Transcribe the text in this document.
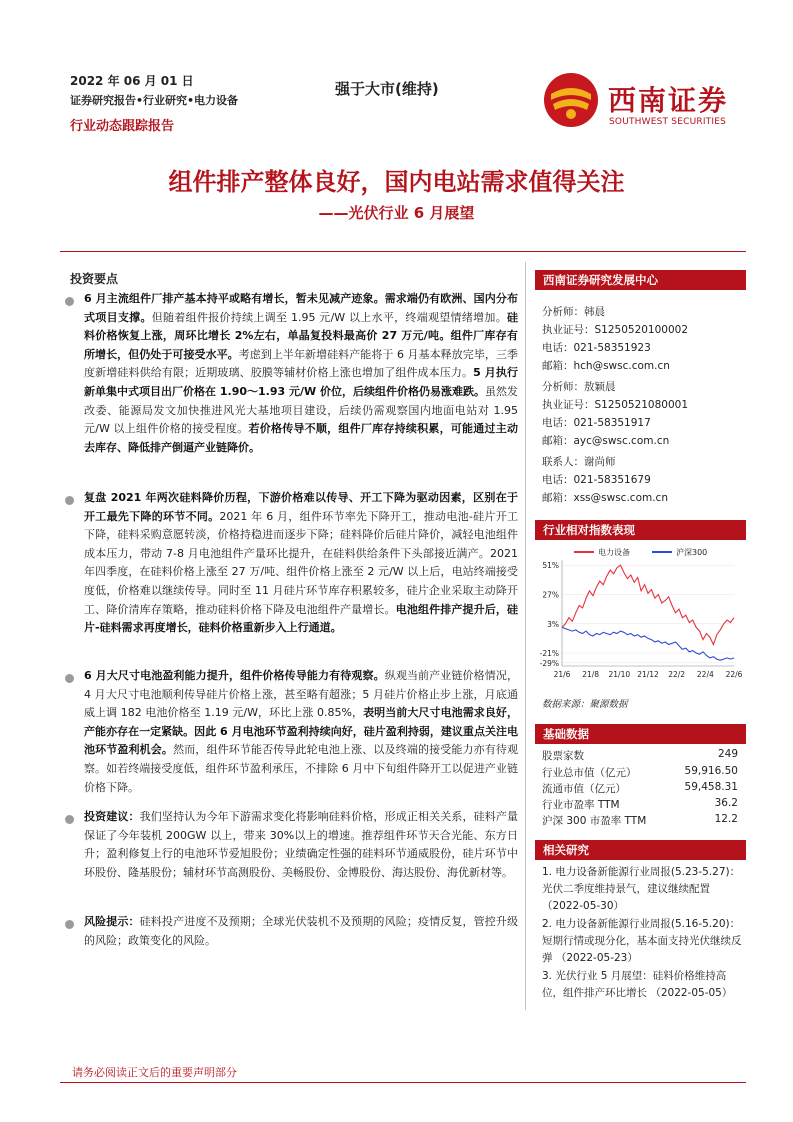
2022 年 06 月 01 日
证券研究报告•行业研究•电力设备
行业动态跟踪报告
强于大市(维持)	西南证券
SOUTHWEST SECURITIES
组件排产整体良好，国内电站需求值得关注
——光伏行业 6 月展望
投资要点
6 月主流组件厂排产基本持平或略有增长，暂未见减产迹象。需求端仍有欧洲、国内分布式项目支撑。但随着组件报价持续上调至 1.95 元/W 以上水平，终端观望情绪增加。硅料价格恢复上涨，周环比增长 2%左右，单晶复投料最高价 27 万元/吨。组件厂库存有所增长，但仍处于可接受水平。考虑到上半年新增硅料产能将于 6 月基本释放完毕，三季度新增硅料供给有限；近期玻璃、胶膜等辅材价格上涨也增加了组件成本压力。5 月执行新单集中式项目出厂价格在 1.90～1.93 元/W 价位，后续组件价格仍易涨难跌。虽然发改委、能源局发文加快推进风光大基地项目建设，后续仍需观察国内地面电站对 1.95 元/W 以上组件价格的接受程度。若价格传导不顺，组件厂库存持续积累，可能通过主动去库存、降低排产倒逼产业链降价。
复盘 2021 年两次硅料降价历程，下游价格难以传导、开工下降为驱动因素，区别在于开工最先下降的环节不同。2021 年 6 月，组件环节率先下降开工，推动电池-硅片开工下降，硅料采购意愿转淡，价格持稳进而逐步下降；硅料降价后硅片降价，减轻电池组件成本压力，带动 7-8 月电池组件产量环比提升，在硅料供给条件下头部接近满产。2021 年四季度，在硅料价格上涨至 27 万/吨、组件价格上涨至 2 元/W 以上后，电站终端接受度低，价格难以继续传导。同时至 11 月硅片环节库存积累较多，硅片企业采取主动降开工、降价清库存策略，推动硅料价格下降及电池组件产量增长。电池组件排产提升后，硅片-硅料需求再度增长，硅料价格重新步入上行通道。
6 月大尺寸电池盈利能力提升，组件价格传导能力有待观察。纵观当前产业链价格情况，4 月大尺寸电池顺利传导硅片价格上涨，甚至略有超涨；5 月硅片价格止步上涨，月底通威上调 182 电池价格至 1.19 元/W，环比上涨 0.85%，表明当前大尺寸电池需求良好，产能亦存在一定紧缺。因此 6 月电池环节盈利持续向好，硅片盈利持弱，建议重点关注电池环节盈利机会。然而，组件环节能否传导此轮电池上涨、以及终端的接受能力亦有待观察。如若终端接受度低，组件环节盈利承压，不排除 6 月中下旬组件降开工以促进产业链价格下降。
投资建议：我们坚持认为今年下游需求变化将影响硅料价格，形成正相关关系，硅料产量保证了今年装机 200GW 以上，带来 30%以上的增速。推荐组件环节天合光能、东方日升；盈利修复上行的电池环节爱旭股份；业绩确定性强的硅料环节通威股份，硅片环节中环股份、隆基股份；辅材环节高测股份、美畅股份、金博股份、海达股份、海优新材等。
风险提示：硅料投产进度不及预期；全球光伏装机不及预期的风险；疫情反复，管控升级的风险；政策变化的风险。
西南证券研究发展中心
分析师：韩晨
执业证号：S1250520100002
电话：021-58351923
邮箱：hch@swsc.com.cn
分析师：敖颖晨
执业证号：S1250521080001
电话：021-58351917
邮箱：ayc@swsc.com.cn
联系人：谢尚师
电话：021-58351679
邮箱：xss@swsc.com.cn
行业相对指数表现
电力设备	沪深300
51%
27%
3%
-21%
-29%
21/6 21/8 21/10 21/12 22/2 22/4 22/6
数据来源：聚源数据
基础数据
股票家数	249
行业总市值（亿元）	59,916.50
流通市值（亿元）	59,458.31
行业市盈率 TTM	36.2
沪深 300 市盈率 TTM	12.2
相关研究
1. 电力设备新能源行业周报(5.23-5.27)：光伏二季度维持景气，建议继续配置 （2022-05-30）
2. 电力设备新能源行业周报(5.16-5.20)：短期行情或现分化，基本面支持光伏继续反弹 （2022-05-23）
3. 光伏行业 5 月展望：硅料价格维持高位，组件排产环比增长 （2022-05-05）
请务必阅读正文后的重要声明部分
